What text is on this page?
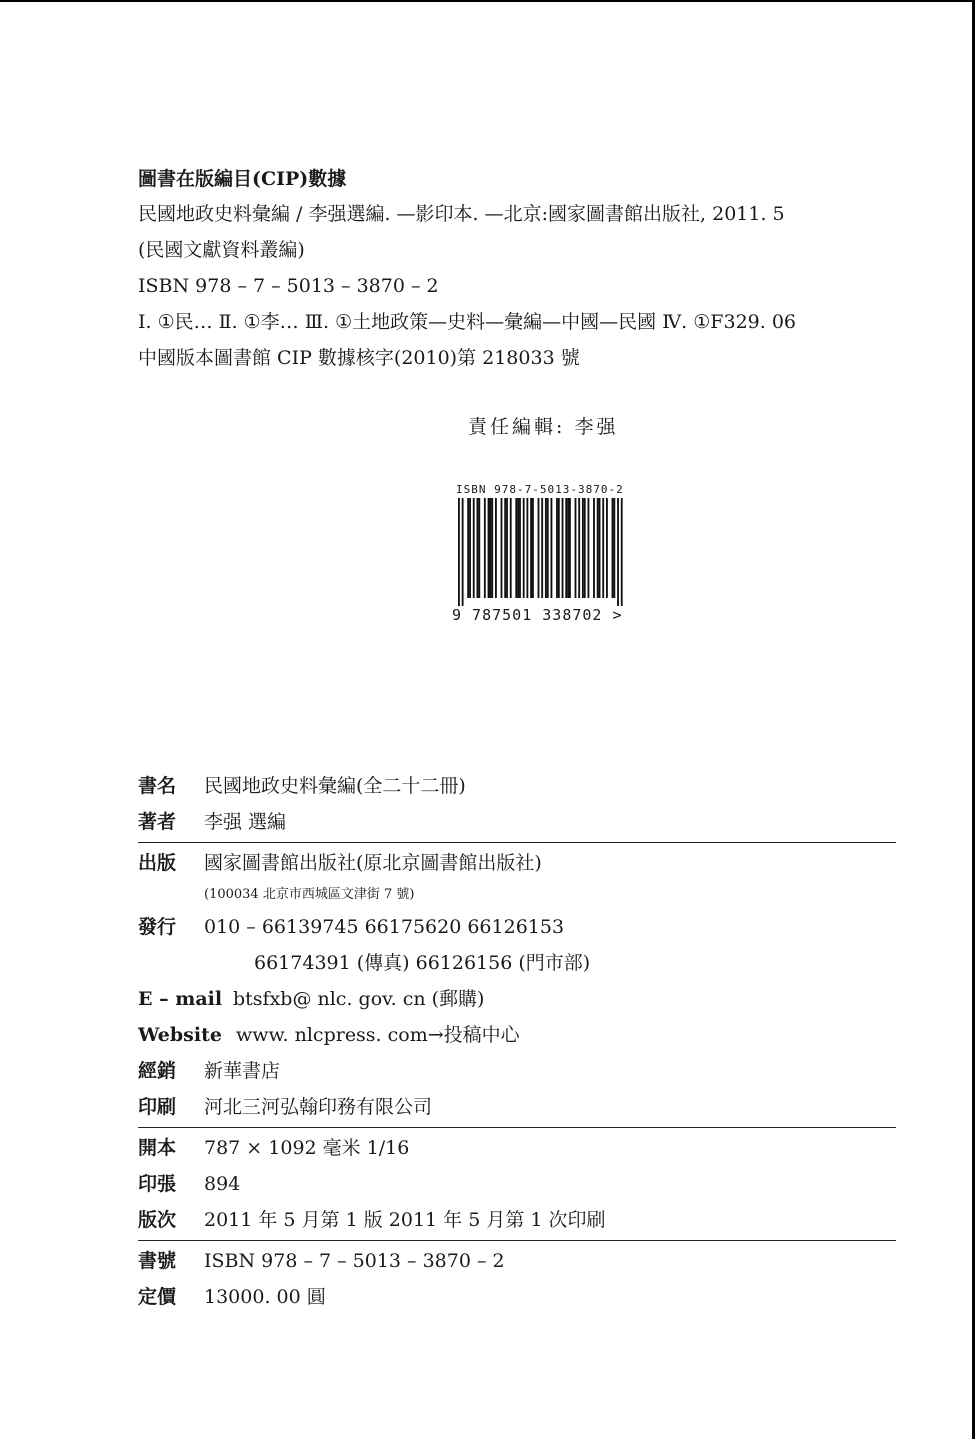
圖書在版編目(CIP)數據
民國地政史料彙編 / 李强選編. —影印本. —北京:國家圖書館出版社, 2011. 5
(民國文獻資料叢編)
ISBN 978 – 7 – 5013 – 3870 – 2
Ⅰ. ①民… Ⅱ. ①李… Ⅲ. ①土地政策—史料—彙編—中國—民國 Ⅳ. ①F329. 06
中國版本圖書館 CIP 數據核字(2010)第 218033 號
責任編輯: 李强
ISBN 978-7-5013-3870-2
9 787501 338702 >
書名	民國地政史料彙編(全二十二冊)
著者	李强 選編
出版	國家圖書館出版社(原北京圖書館出版社)
(100034 北京市西城區文津街 7 號)
發行	010 – 66139745 66175620 66126153
66174391 (傳真) 66126156 (門市部)
E – mail btsfxb@ nlc. gov. cn (郵購)
Website www. nlcpress. com→投稿中心
經銷	新華書店
印刷	河北三河弘翰印務有限公司
開本	787 × 1092 毫米 1/16
印張	894
版次	2011 年 5 月第 1 版 2011 年 5 月第 1 次印刷
書號	ISBN 978 – 7 – 5013 – 3870 – 2
定價	13000. 00 圓
